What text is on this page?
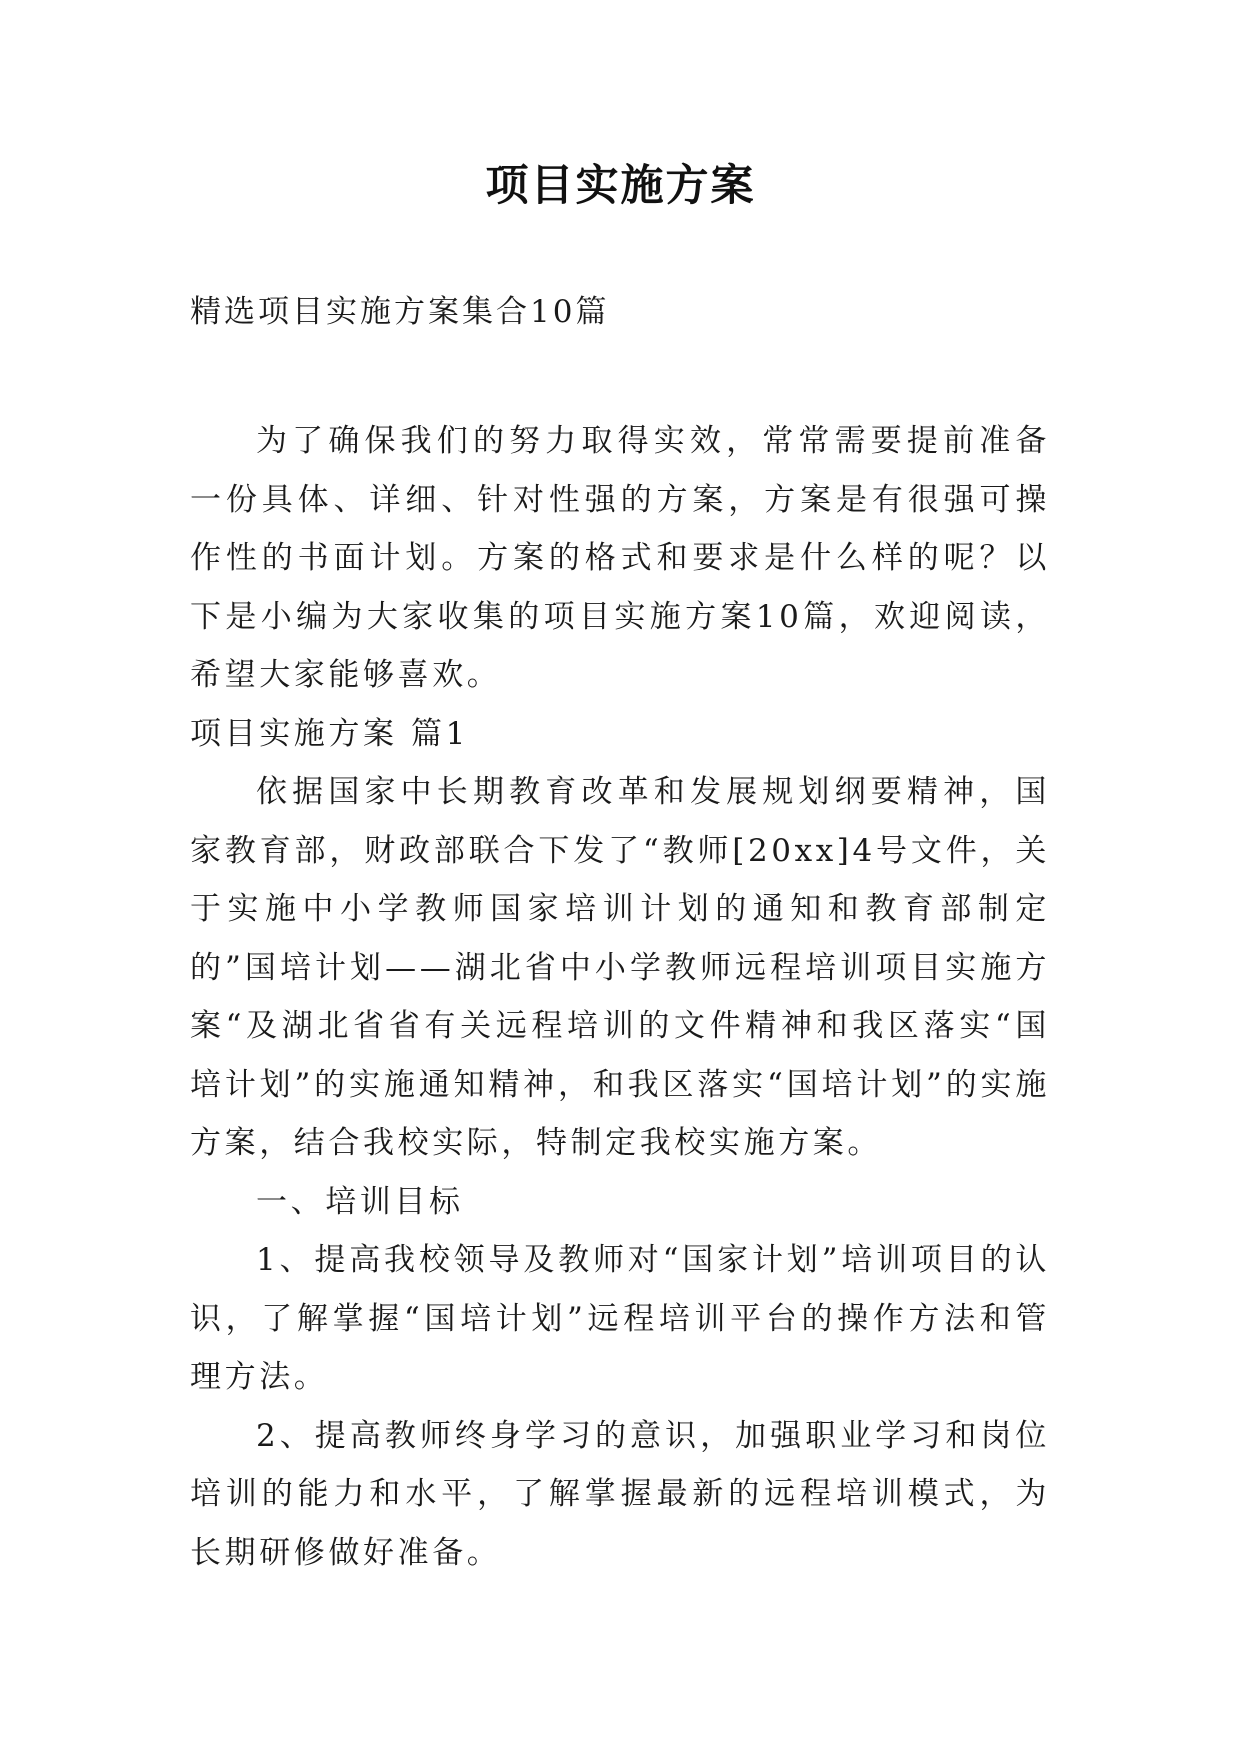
项目实施方案
精选项目实施方案集合10篇

为了确保我们的努力取得实效，常常需要提前准备一份具体、详细、针对性强的方案，方案是有很强可操作性的书面计划。方案的格式和要求是什么样的呢？以下是小编为大家收集的项目实施方案10篇，欢迎阅读，希望大家能够喜欢。

项目实施方案 篇1

依据国家中长期教育改革和发展规划纲要精神，国家教育部，财政部联合下发了“教师[20xx]4号文件，关于实施中小学教师国家培训计划的通知和教育部制定的”国培计划——湖北省中小学教师远程培训项目实施方案“及湖北省省有关远程培训的文件精神和我区落实“国培计划”的实施通知精神，和我区落实“国培计划”的实施方案，结合我校实际，特制定我校实施方案。

一、培训目标

1、提高我校领导及教师对“国家计划”培训项目的认识，了解掌握“国培计划”远程培训平台的操作方法和管理方法。

2、提高教师终身学习的意识，加强职业学习和岗位培训的能力和水平，了解掌握最新的远程培训模式，为长期研修做好准备。
